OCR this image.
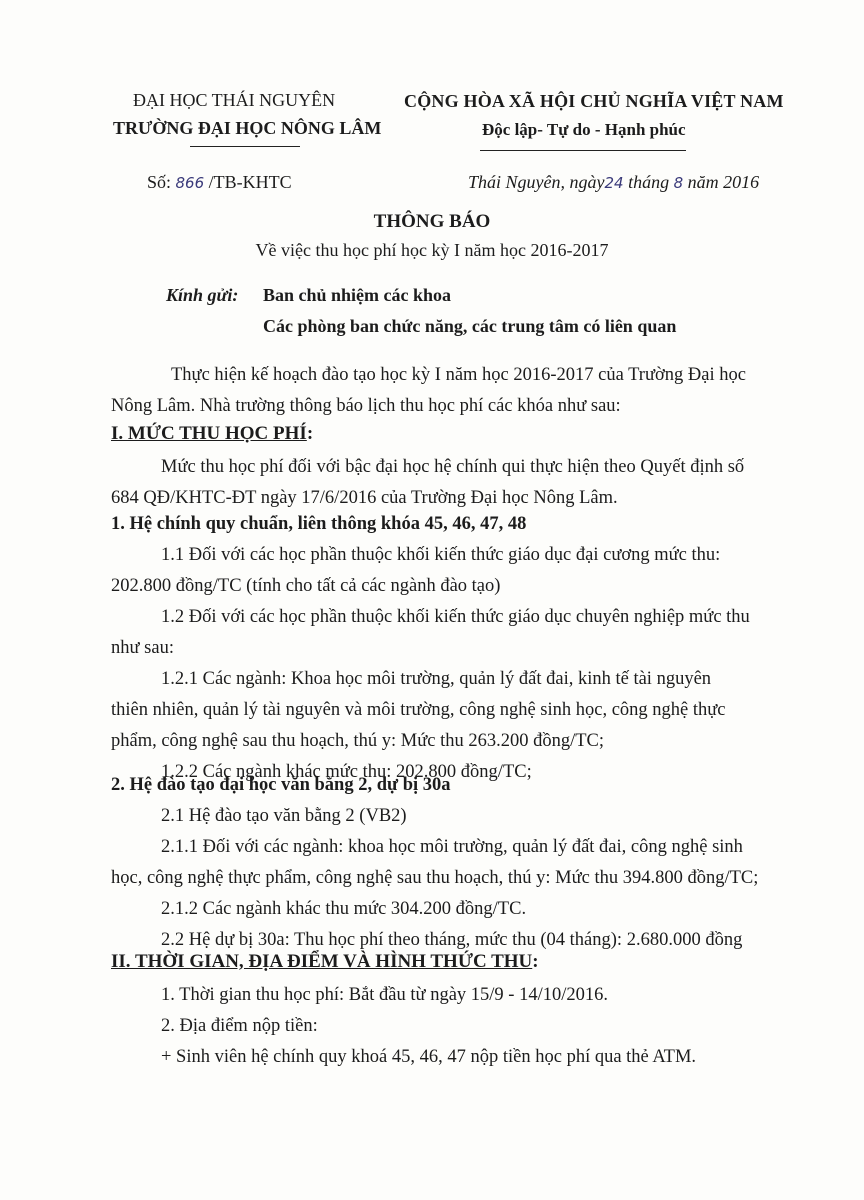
ĐẠI HỌC THÁI NGUYÊN
TRƯỜNG ĐẠI HỌC NÔNG LÂM
CỘNG HÒA XÃ HỘI CHỦ NGHĨA VIỆT NAM
Độc lập- Tự do - Hạnh phúc
Số: 866 /TB-KHTC	Thái Nguyên, ngày24 tháng 8 năm 2016
THÔNG BÁO
Về việc thu học phí học kỳ I năm học 2016-2017
Kính gửi: Ban chủ nhiệm các khoa
Các phòng ban chức năng, các trung tâm có liên quan
Thực hiện kế hoạch đào tạo học kỳ I năm học 2016-2017 của Trường Đại học
Nông Lâm. Nhà trường thông báo lịch thu học phí các khóa như sau:
I. MỨC THU HỌC PHÍ:
Mức thu học phí đối với bậc đại học hệ chính qui thực hiện theo Quyết định số
684 QĐ/KHTC-ĐT ngày 17/6/2016 của Trường Đại học Nông Lâm.
1. Hệ chính quy chuẩn, liên thông khóa 45, 46, 47, 48
1.1 Đối với các học phần thuộc khối kiến thức giáo dục đại cương mức thu:
202.800 đồng/TC (tính cho tất cả các ngành đào tạo)
1.2 Đối với các học phần thuộc khối kiến thức giáo dục chuyên nghiệp mức thu
như sau:
1.2.1 Các ngành: Khoa học môi trường, quản lý đất đai, kinh tế tài nguyên
thiên nhiên, quản lý tài nguyên và môi trường, công nghệ sinh học, công nghệ thực
phẩm, công nghệ sau thu hoạch, thú y: Mức thu 263.200 đồng/TC;
1.2.2 Các ngành khác mức thu: 202.800 đồng/TC;
2. Hệ đào tạo đại học văn bằng 2, dự bị 30a
2.1 Hệ đào tạo văn bằng 2 (VB2)
2.1.1 Đối với các ngành: khoa học môi trường, quản lý đất đai, công nghệ sinh
học, công nghệ thực phẩm, công nghệ sau thu hoạch, thú y: Mức thu 394.800 đồng/TC;
2.1.2 Các ngành khác thu mức 304.200 đồng/TC.
2.2 Hệ dự bị 30a: Thu học phí theo tháng, mức thu (04 tháng): 2.680.000 đồng
II. THỜI GIAN, ĐỊA ĐIỂM VÀ HÌNH THỨC THU:
1. Thời gian thu học phí: Bắt đầu từ ngày 15/9 - 14/10/2016.
2. Địa điểm nộp tiền:
+ Sinh viên hệ chính quy khoá 45, 46, 47 nộp tiền học phí qua thẻ ATM.
